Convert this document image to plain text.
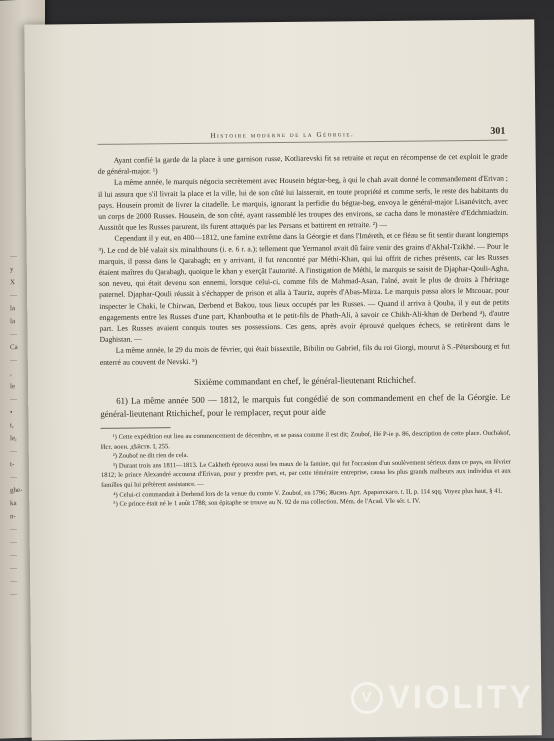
—
y
X
—
la
la
—
Ca
—
,
le
—
•
t,
le,
—
t-
—
ghe-
ka
n-
—
—
—
—
—
—
Histoire moderne de la Géorgie.	301

Ayant confié la garde de la place à une garnison russe, Kotliarevski fit sa retraite et reçut en récompense de cet exploit le grade de général-major. ¹)

La même année, le marquis négocia secrètement avec Housein bégtar-beg, à qui le chah avait donné le commandement d'Erivan ; il lui assura que s'il livrait la place et la ville, lui de son côté lui laisserait, en toute propriété et comme serfs, le reste des habitants du pays. Housein promit de livrer la citadelle. Le marquis, ignorant la perfidie du bégtar-beg, envoya le général-major Lisanévitch, avec un corps de 2000 Russes. Housein, de son côté, ayant rassemblé les troupes des environs, se cacha dans le monastère d'Edchmiadzin. Aussitôt que les Russes parurent, ils furent attaqués par les Persans et battirent en retraite. ²) —

Cependant il y eut, en 400—1812, une famine extrême dans la Géorgie et dans l'Iméreth, et ce fléau se fit sentir durant longtemps ³). Le cod de blé valait six minalthouns (i. e. 6 r. a.); tellement que Yermanol avait dû faire venir des grains d'Akhal-Tzikhé. — Pour le marquis, il passa dans le Qarabagh; en y arrivant, il fut rencontré par Méthi-Khan, qui lui offrit de riches présents, car les Russes étaient maîtres du Qarabagh, quoique le khan y exerçât l'autorité. A l'instigation de Méthi, le marquis se saisit de Djaphar-Qouli-Agha, son neveu, qui était devenu son ennemi, lorsque celui-ci, comme fils de Mahmad-Asan, l'aîné, avait le plus de droits à l'héritage paternel. Djaphar-Qouli réussit à s'échapper de prison et alla à Tauriz, auprès d'Abas-Mirza. Le marquis passa alors le Mtcouar, pour inspecter le Chaki, le Chirwan, Derbend et Bakou, tous lieux occupés par les Russes. — Quand il arriva à Qouba, il y eut de petits engagements entre les Russes d'une part, Khanboutha et le petit-fils de Phath-Ali, à savoir ce Chikh-Ali-khan de Derbend ⁴), d'autre part. Les Russes avaient conquis toutes ses possessions. Ces gens, après avoir éprouvé quelques échecs, se retirèrent dans le Daghistan. —

La même année, le 29 du mois de février, qui était bissextile, Bibilin ou Gabriel, fils du roi Giorgi, mourut à S.-Pétersbourg et fut enterré au couvent de Nevski. ⁵)

Sixième commandant en chef, le général-lieutenant Rtichichef.

61) La même année 500 — 1812, le marquis fut congédié de son commandement en chef de la Géorgie. Le général-lieutenant Rtichichef, pour le remplacer, reçut pour aide

¹) Cette expédition eut lieu au commencement de décembre, et se passa comme il est dit; Zoubof, Hé P-ie p. 86, description de cette place. Ouchakof, Ист. воен. дѣйств. I, 255.

²) Zoubof ne dit rien de cela.

³) Durant trois ans 1811—1813. Le Cakheth éprouva aussi les maux de la famine, qui fut l'occasion d'un soulèvement sérieux dans ce pays, en février 1812; le prince Alexandré accourut d'Erivan, pour y prendre part, et, par cette téméraire entreprise, causa les plus grands malheurs aux individus et aux familles qui lui prêtèrent assistance. —

⁴) Celui-ci commandait à Derbend lors de la venue du comte V. Zoubof, en 1796; Жизнь Арт. Араратскаго. t. II, p. 114 sqq. Voyez plus haut, § 41.

⁵) Ce prince était né le 1 août 1788; son épitaphe se trouve au N. 92 de ma collection. Mém. de l'Acad. VIe sér. t. IV.

V VIOLITY
